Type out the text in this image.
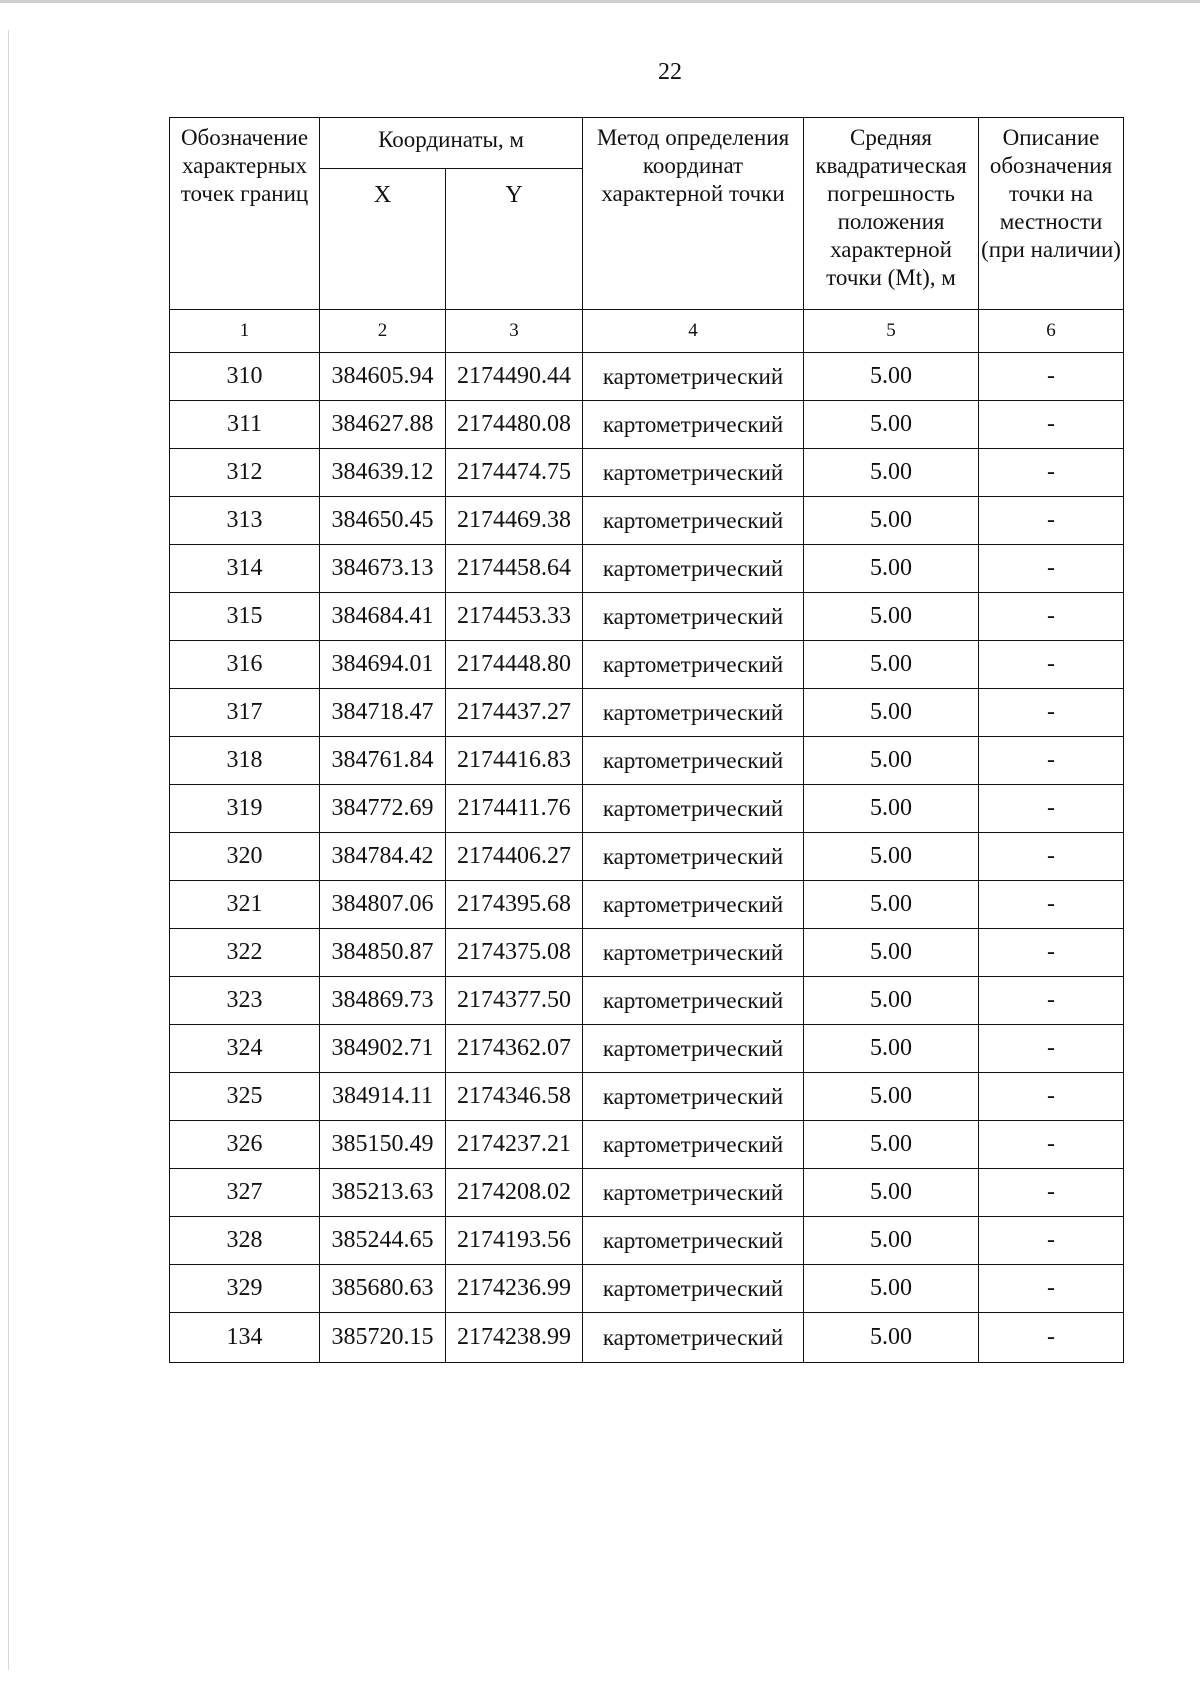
22
Обозначение характерных точек границ	Координаты, м		Метод определения координат характерной точки	Средняя квадратическая погрешность положения характерной точки (Mt), м	Описание обозначения точки на местности (при наличии)
	X	Y			
1	2	3	4	5	6
310	384605.94	2174490.44	картометрический	5.00	-
311	384627.88	2174480.08	картометрический	5.00	-
312	384639.12	2174474.75	картометрический	5.00	-
313	384650.45	2174469.38	картометрический	5.00	-
314	384673.13	2174458.64	картометрический	5.00	-
315	384684.41	2174453.33	картометрический	5.00	-
316	384694.01	2174448.80	картометрический	5.00	-
317	384718.47	2174437.27	картометрический	5.00	-
318	384761.84	2174416.83	картометрический	5.00	-
319	384772.69	2174411.76	картометрический	5.00	-
320	384784.42	2174406.27	картометрический	5.00	-
321	384807.06	2174395.68	картометрический	5.00	-
322	384850.87	2174375.08	картометрический	5.00	-
323	384869.73	2174377.50	картометрический	5.00	-
324	384902.71	2174362.07	картометрический	5.00	-
325	384914.11	2174346.58	картометрический	5.00	-
326	385150.49	2174237.21	картометрический	5.00	-
327	385213.63	2174208.02	картометрический	5.00	-
328	385244.65	2174193.56	картометрический	5.00	-
329	385680.63	2174236.99	картометрический	5.00	-
134	385720.15	2174238.99	картометрический	5.00	-
